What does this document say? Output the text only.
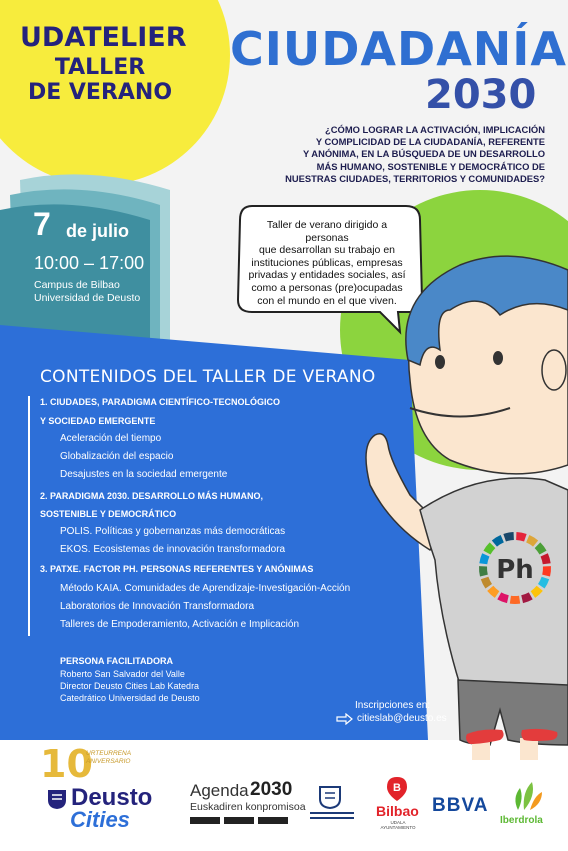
Ph
UDATELIER
TALLER
DE VERANO
CIUDADANÍA
2030
¿CÓMO LOGRAR LA ACTIVACIÓN, IMPLICACIÓN
Y COMPLICIDAD DE LA CIUDADANÍA, REFERENTE
Y ANÓNIMA, EN LA BÚSQUEDA DE UN DESARROLLO
MÁS HUMANO, SOSTENIBLE Y DEMOCRÁTICO DE
NUESTRAS CIUDADES, TERRITORIOS Y COMUNIDADES?
7 de julio
10:00 – 17:00
Campus de Bilbao
Universidad de Deusto
Taller de verano dirigido a personas
que desarrollan su trabajo en
instituciones públicas, empresas
privadas y entidades sociales, así
como a personas (pre)ocupadas
con el mundo en el que viven.
CONTENIDOS DEL TALLER DE VERANO
1. CIUDADES, PARADIGMA CIENTÍFICO-TECNOLÓGICO
Y SOCIEDAD EMERGENTE
Aceleración del tiempo
Globalización del espacio
Desajustes en la sociedad emergente
2. PARADIGMA 2030. DESARROLLO MÁS HUMANO,
SOSTENIBLE Y DEMOCRÁTICO
POLIS. Políticas y gobernanzas más democráticas
EKOS. Ecosistemas de innovación transformadora
3. PATXE. FACTOR PH. PERSONAS REFERENTES Y ANÓNIMAS
Método KAIA. Comunidades de Aprendizaje-Investigación-Acción
Laboratorios de Innovación Transformadora
Talleres de Empoderamiento, Activación e Implicación
PERSONA FACILITADORA
Roberto San Salvador del Valle
Director Deusto Cities Lab Katedra
Catedrático Universidad de Deusto
Inscripciones en:
citieslab@deusto.es
10
URTEURRENA
ANIVERSARIO
Deusto
Cities
Agenda 2030
Euskadiren konpromisoa
B
Bilbao
UDALA AYUNTAMIENTO
BBVA
Iberdrola
